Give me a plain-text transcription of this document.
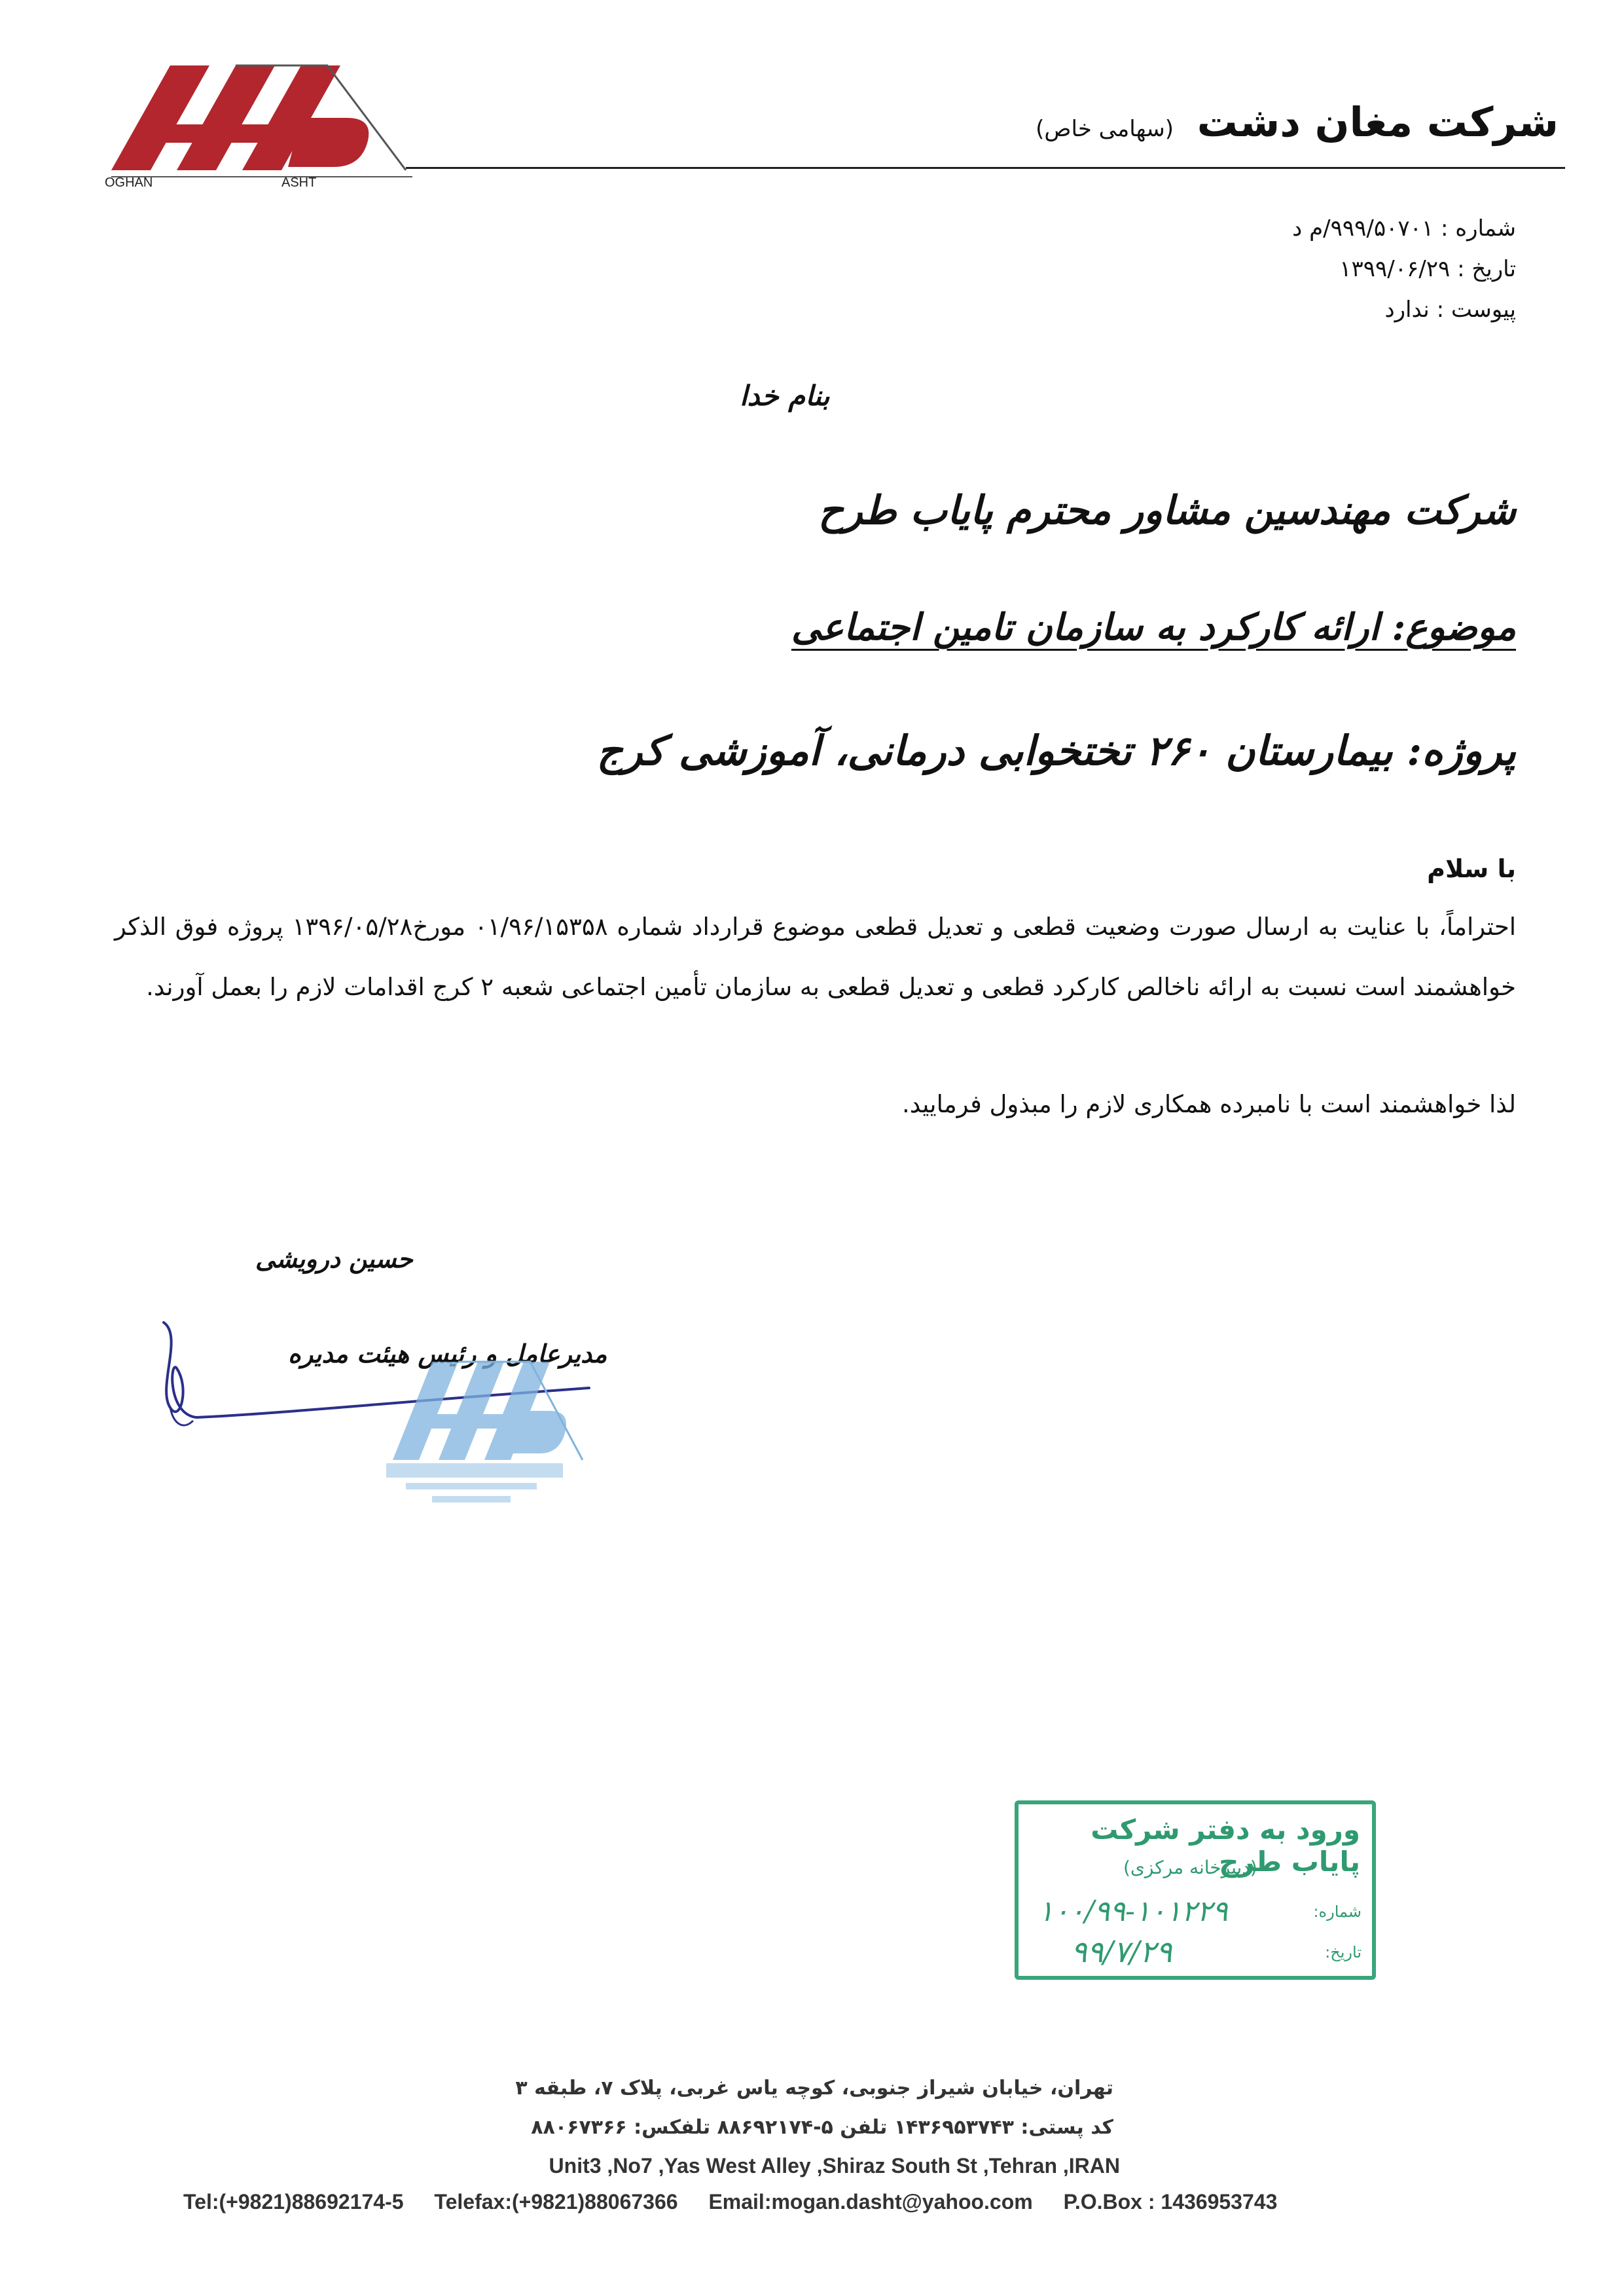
OGHAN	ASHT
شرکت مغان دشت (سهامی خاص)
شماره : ۹۹۹/۵۰۷۰۱/م د
تاریخ : ۱۳۹۹/۰۶/۲۹
پیوست : ندارد
بنام خدا
شرکت مهندسین مشاور محترم پایاب طرح
موضوع: ارائه کارکرد به سازمان تامین اجتماعی
پروژه: بیمارستان ۲۶۰ تختخوابی درمانی، آموزشی کرج
با سلام
احتراماً، با عنایت به ارسال صورت وضعیت قطعی و تعدیل قطعی موضوع قرارداد شماره ۰۱/۹۶/۱۵۳۵۸ مورخ۱۳۹۶/۰۵/۲۸ پروژه فوق الذکر خواهشمند است نسبت به ارائه ناخالص کارکرد قطعی و تعدیل قطعی به سازمان تأمین اجتماعی شعبه ۲ کرج اقدامات لازم را بعمل آورند.
لذا خواهشمند است با نامبرده همکاری لازم را مبذول فرمایید.
حسین درویشی
مدیرعامل و رئیس هیئت مدیره
ورود به دفتر شرکت پایاب طرح
(دبیرخانه مرکزی)
شماره:
۱۰۰/۹۹-۱۰۱۲۲۹
تاریخ:
۹۹/۷/۲۹
تهران، خیابان شیراز جنوبی، کوچه یاس غربی، پلاک ۷، طبقه ۳
کد پستی: ۱۴۳۶۹۵۳۷۴۳ تلفن ۵-۸۸۶۹۲۱۷۴ تلفکس: ۸۸۰۶۷۳۶۶
Unit3 ,No7 ,Yas West Alley ,Shiraz South St ,Tehran ,IRAN
Tel:(+9821)88692174-5 Telefax:(+9821)88067366 Email:mogan.dasht@yahoo.com P.O.Box : 1436953743
